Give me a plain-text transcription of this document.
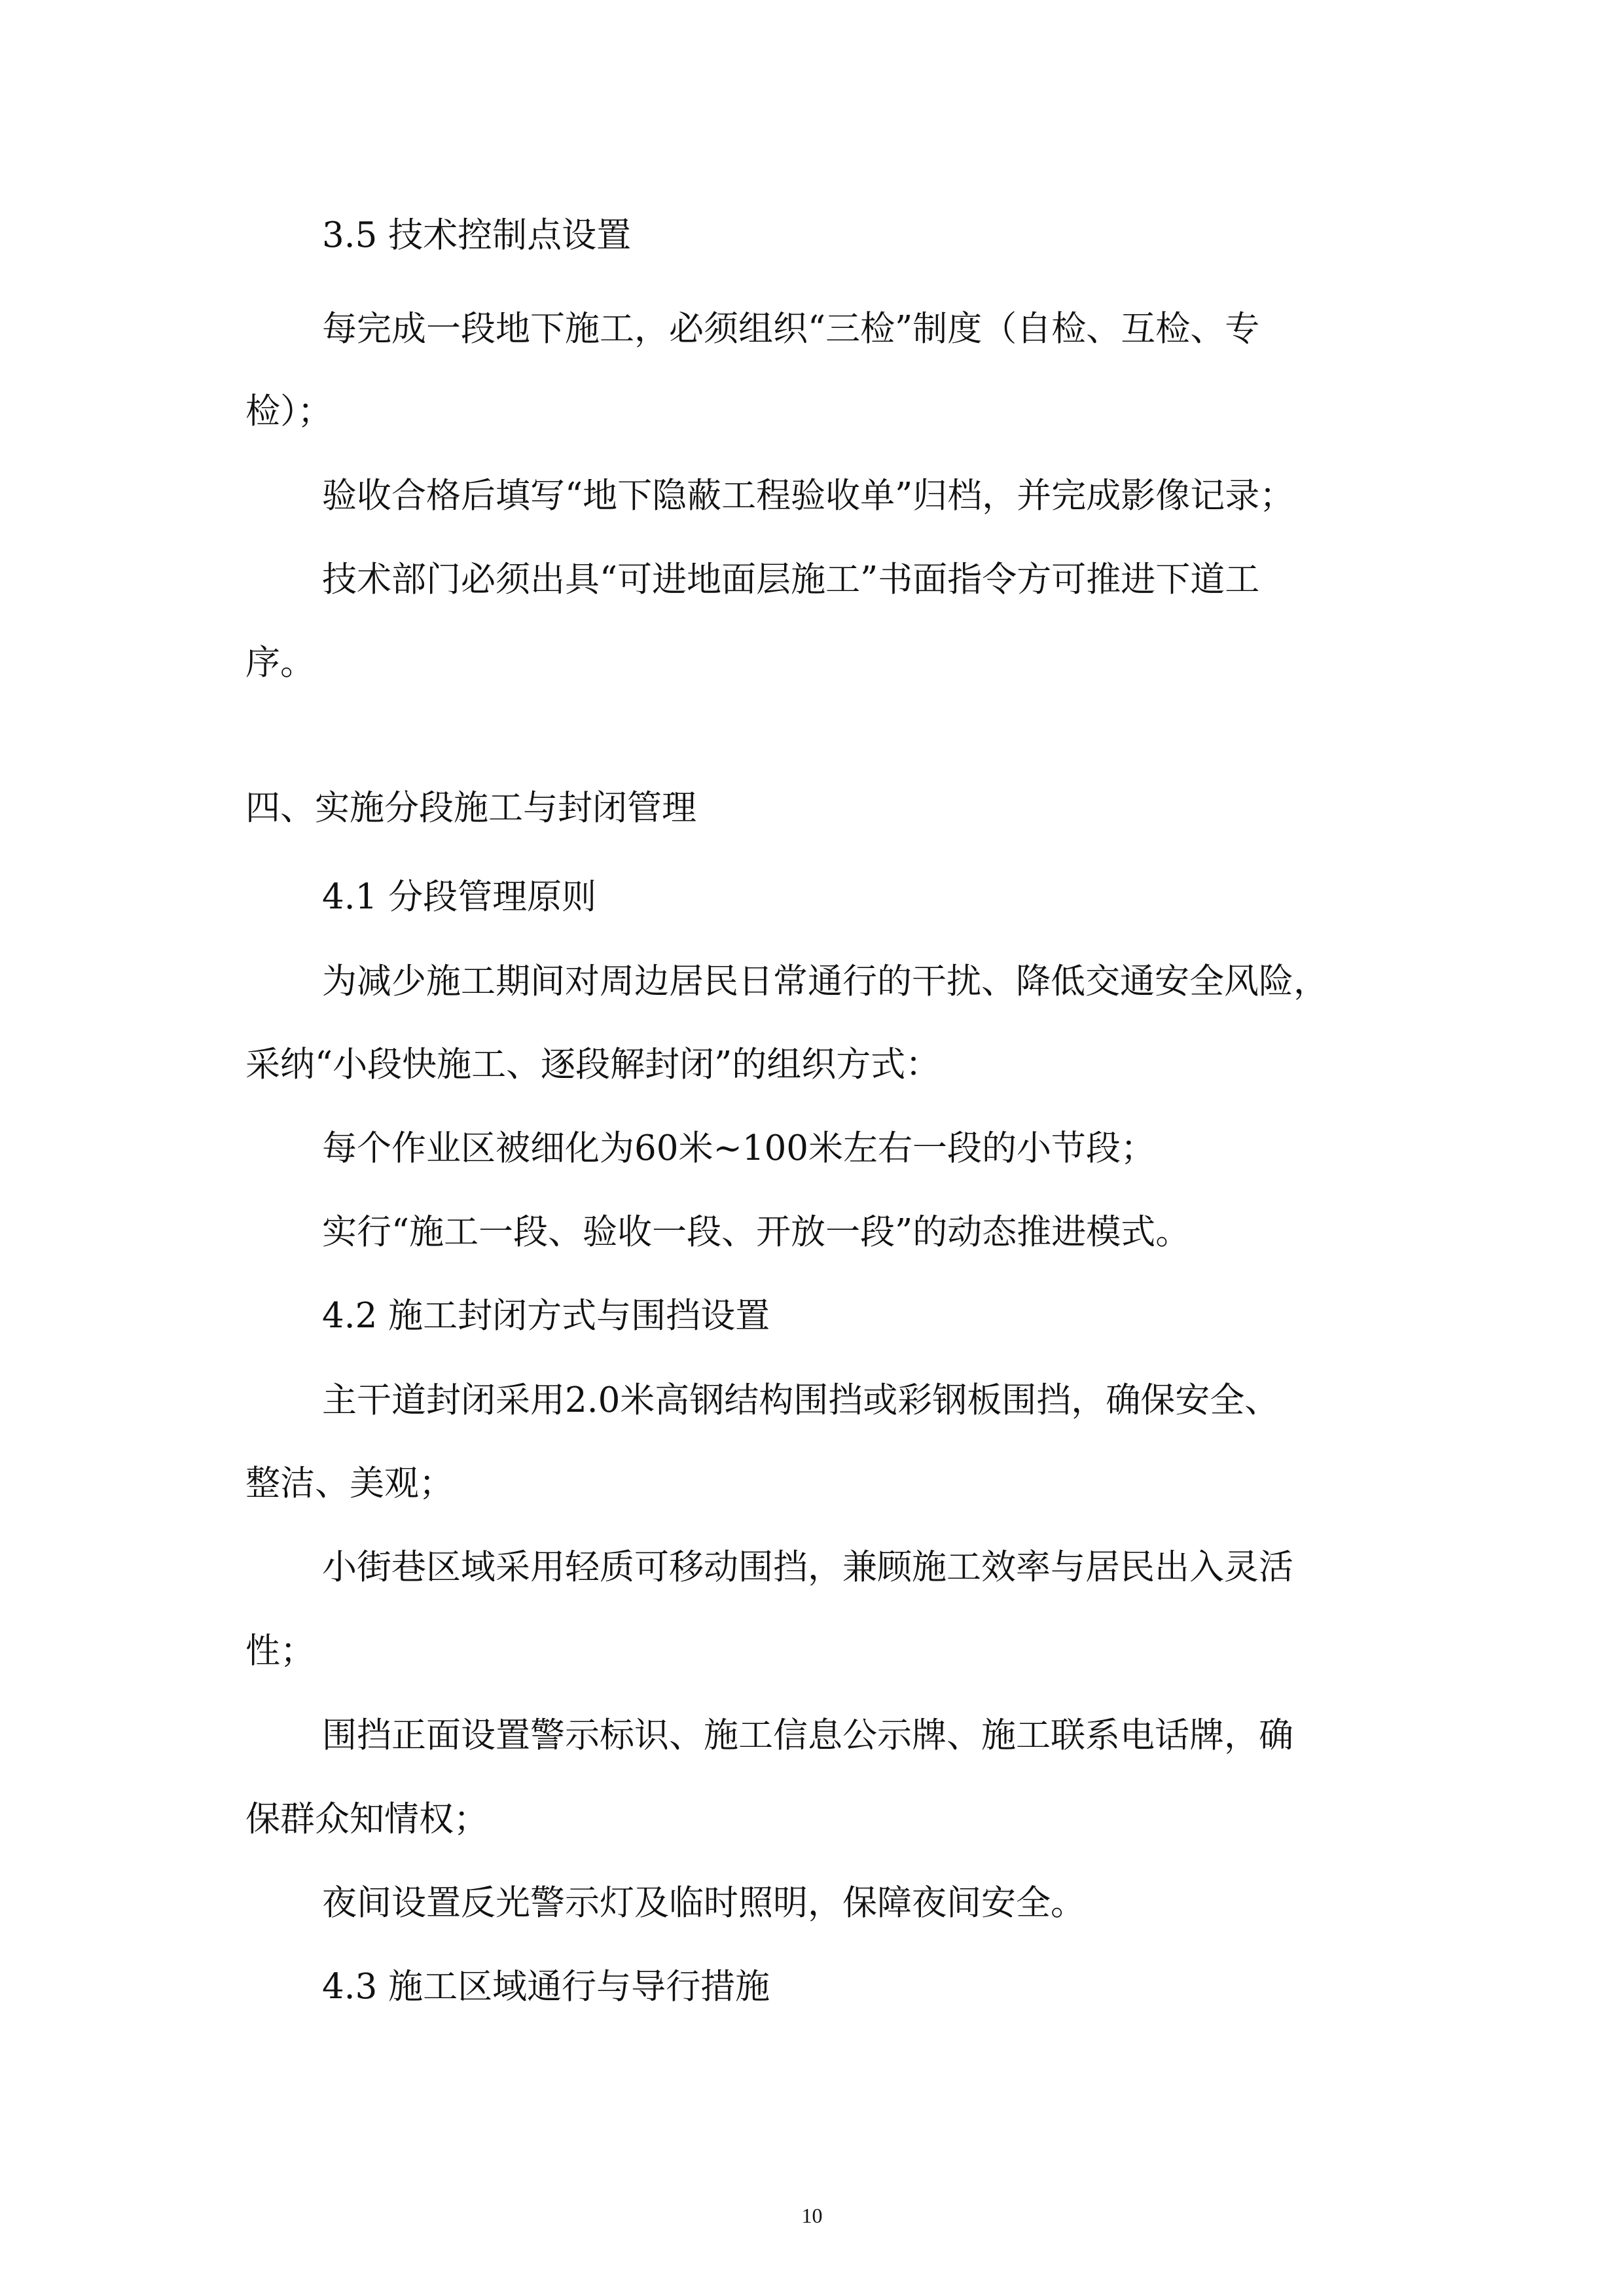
3.5 技术控制点设置

每完成一段地下施工，必须组织“三检”制度（自检、互检、专

检）；

验收合格后填写“地下隐蔽工程验收单”归档，并完成影像记录；

技术部门必须出具“可进地面层施工”书面指令方可推进下道工

序。

四、实施分段施工与封闭管理

4.1 分段管理原则

为减少施工期间对周边居民日常通行的干扰、降低交通安全风险，

采纳“小段快施工、逐段解封闭”的组织方式：

每个作业区被细化为60米~100米左右一段的小节段；

实行“施工一段、验收一段、开放一段”的动态推进模式。

4.2 施工封闭方式与围挡设置

主干道封闭采用2.0米高钢结构围挡或彩钢板围挡，确保安全、

整洁、美观；

小街巷区域采用轻质可移动围挡，兼顾施工效率与居民出入灵活

性；

围挡正面设置警示标识、施工信息公示牌、施工联系电话牌，确

保群众知情权；

夜间设置反光警示灯及临时照明，保障夜间安全。

4.3 施工区域通行与导行措施

10
